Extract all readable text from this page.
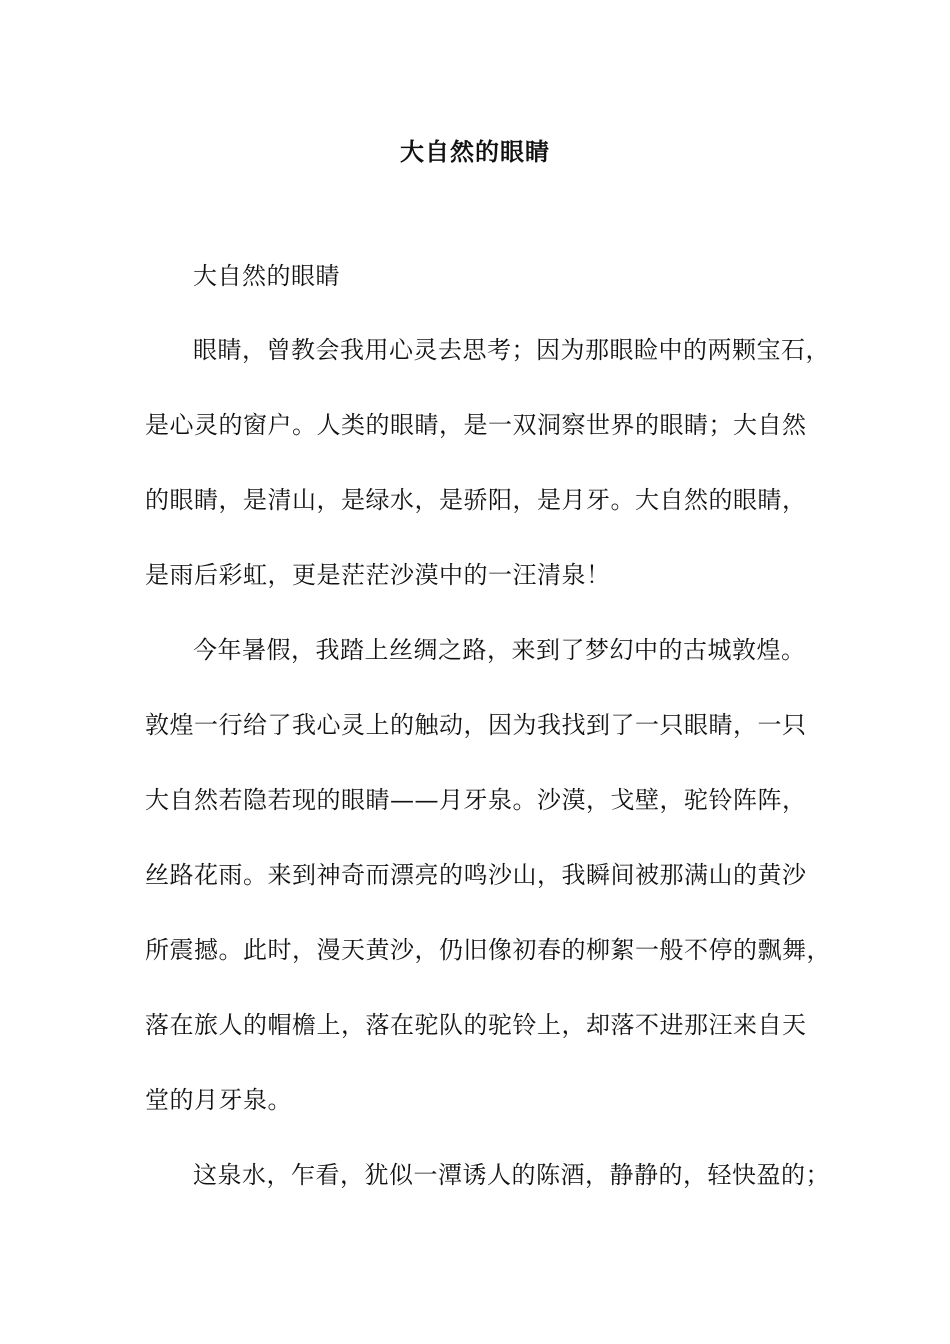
大自然的眼睛
大自然的眼睛
眼睛，曾教会我用心灵去思考；因为那眼睑中的两颗宝石，
是心灵的窗户。人类的眼睛，是一双洞察世界的眼睛；大自然
的眼睛，是清山，是绿水，是骄阳，是月牙。大自然的眼睛，
是雨后彩虹，更是茫茫沙漠中的一汪清泉！
今年暑假，我踏上丝绸之路，来到了梦幻中的古城敦煌。
敦煌一行给了我心灵上的触动，因为我找到了一只眼睛，一只
大自然若隐若现的眼睛——月牙泉。沙漠，戈壁，驼铃阵阵，
丝路花雨。来到神奇而漂亮的鸣沙山，我瞬间被那满山的黄沙
所震撼。此时，漫天黄沙，仍旧像初春的柳絮一般不停的飘舞，
落在旅人的帽檐上，落在驼队的驼铃上，却落不进那汪来自天
堂的月牙泉。
这泉水，乍看，犹似一潭诱人的陈酒，静静的，轻快盈的；
